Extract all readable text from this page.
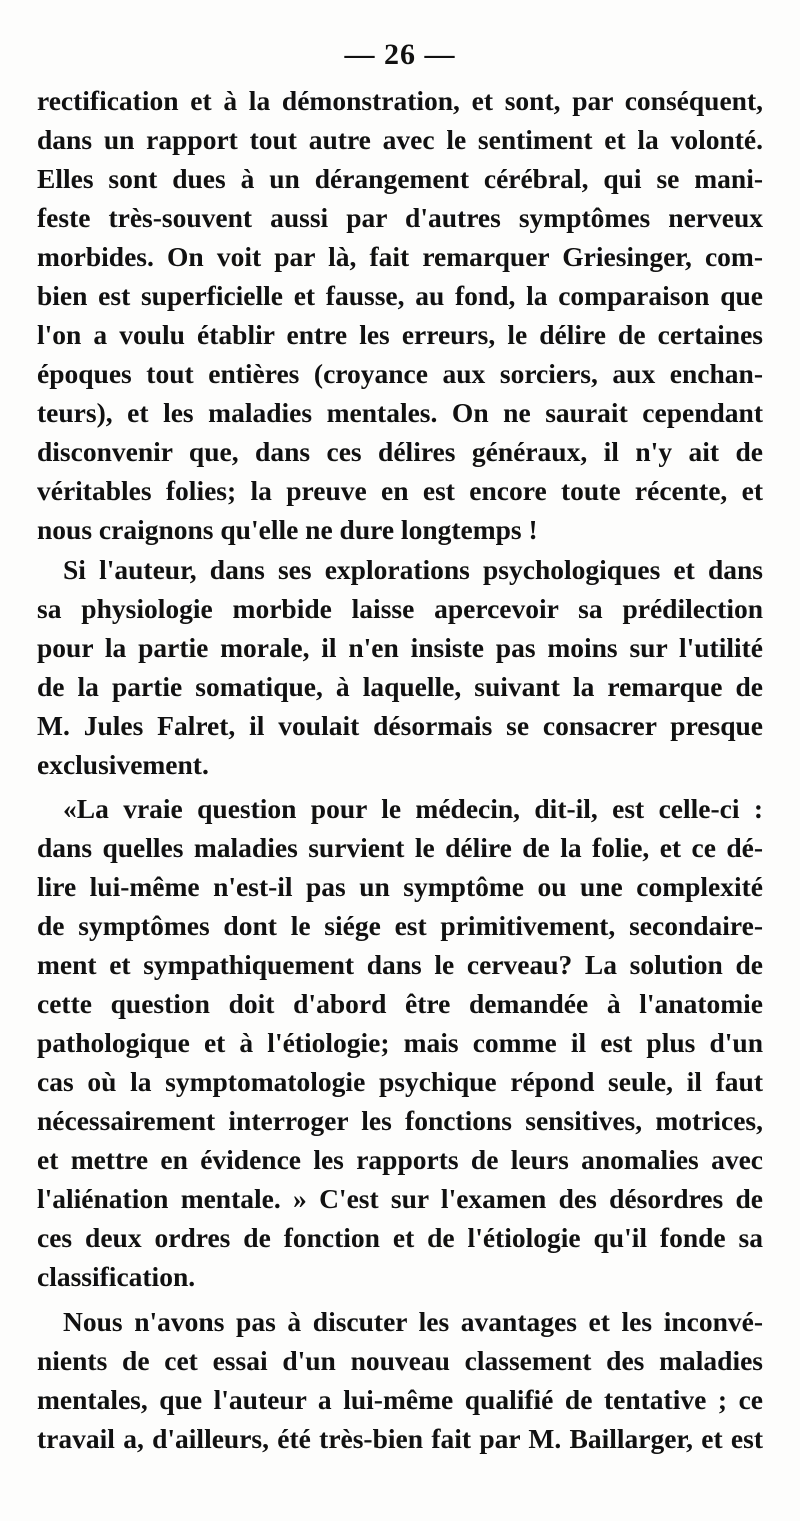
— 26 —
rectification et à la démonstration, et sont, par conséquent,
dans un rapport tout autre avec le sentiment et la volonté.
Elles sont dues à un dérangement cérébral, qui se mani-
feste très-souvent aussi par d'autres symptômes nerveux
morbides. On voit par là, fait remarquer Griesinger, com-
bien est superficielle et fausse, au fond, la comparaison que
l'on a voulu établir entre les erreurs, le délire de certaines
époques tout entières (croyance aux sorciers, aux enchan-
teurs), et les maladies mentales. On ne saurait cependant
disconvenir que, dans ces délires généraux, il n'y ait de
véritables folies; la preuve en est encore toute récente, et
nous craignons qu'elle ne dure longtemps !
Si l'auteur, dans ses explorations psychologiques et dans
sa physiologie morbide laisse apercevoir sa prédilection
pour la partie morale, il n'en insiste pas moins sur l'utilité
de la partie somatique, à laquelle, suivant la remarque de
M. Jules Falret, il voulait désormais se consacrer presque
exclusivement.
«La vraie question pour le médecin, dit-il, est celle-ci :
dans quelles maladies survient le délire de la folie, et ce dé-
lire lui-même n'est-il pas un symptôme ou une complexité
de symptômes dont le siége est primitivement, secondaire-
ment et sympathiquement dans le cerveau? La solution de
cette question doit d'abord être demandée à l'anatomie
pathologique et à l'étiologie; mais comme il est plus d'un
cas où la symptomatologie psychique répond seule, il faut
nécessairement interroger les fonctions sensitives, motrices,
et mettre en évidence les rapports de leurs anomalies avec
l'aliénation mentale. » C'est sur l'examen des désordres de
ces deux ordres de fonction et de l'étiologie qu'il fonde sa
classification.
Nous n'avons pas à discuter les avantages et les inconvé-
nients de cet essai d'un nouveau classement des maladies
mentales, que l'auteur a lui-même qualifié de tentative ; ce
travail a, d'ailleurs, été très-bien fait par M. Baillarger, et est
